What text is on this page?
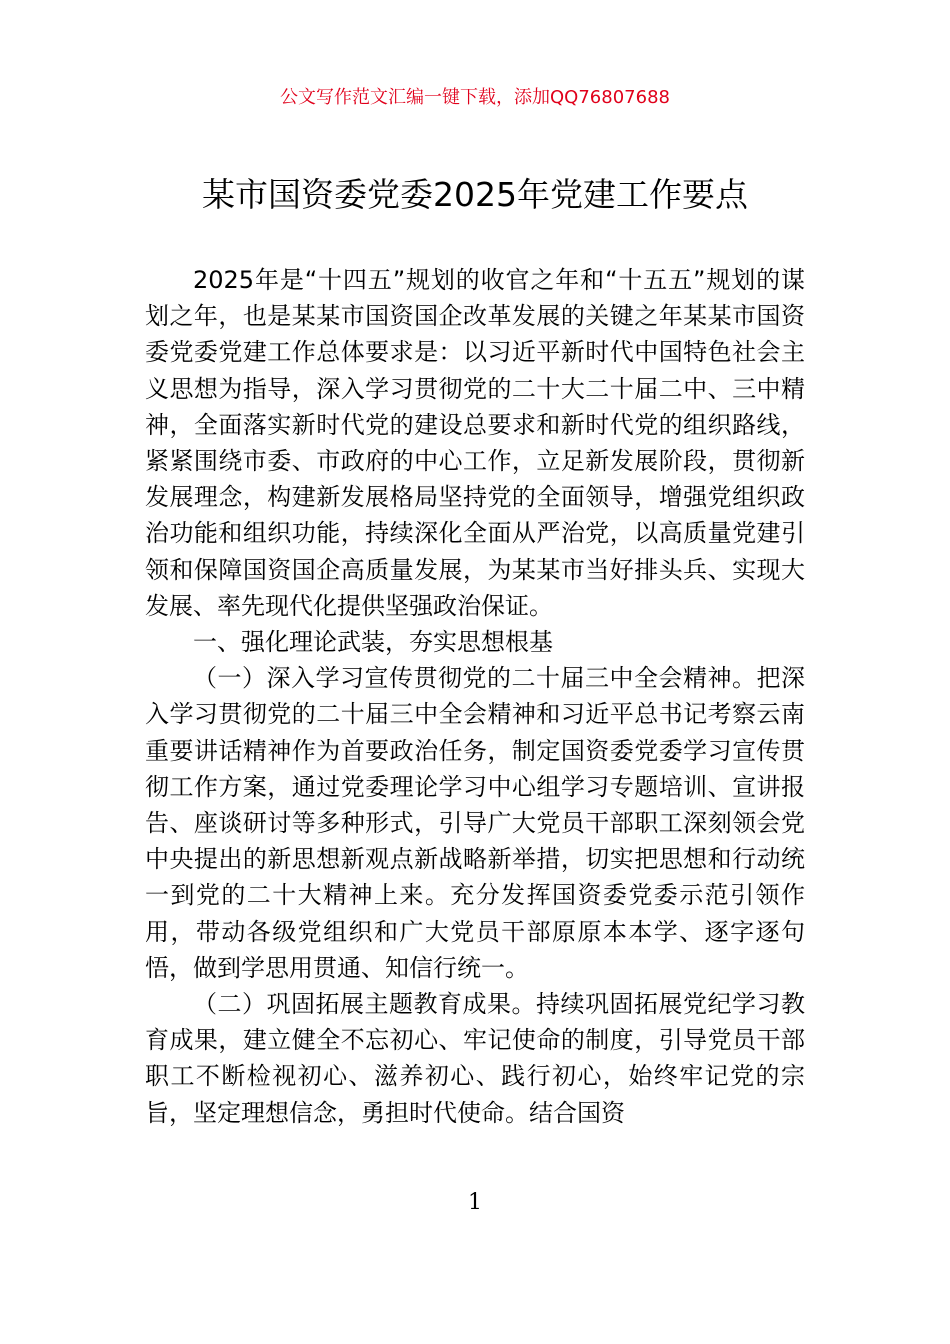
公文写作范文汇编一键下载，添加QQ76807688
某市国资委党委2025年党建工作要点

2025年是“十四五”规划的收官之年和“十五五”规划的谋划之年，也是某某市国资国企改革发展的关键之年某某市国资委党委党建工作总体要求是：以习近平新时代中国特色社会主义思想为指导，深入学习贯彻党的二十大二十届二中、三中精神，全面落实新时代党的建设总要求和新时代党的组织路线，紧紧围绕市委、市政府的中心工作，立足新发展阶段，贯彻新发展理念，构建新发展格局坚持党的全面领导，增强党组织政治功能和组织功能，持续深化全面从严治党，以高质量党建引领和保障国资国企高质量发展，为某某市当好排头兵、实现大发展、率先现代化提供坚强政治保证。

一、强化理论武装，夯实思想根基

（一）深入学习宣传贯彻党的二十届三中全会精神。把深入学习贯彻党的二十届三中全会精神和习近平总书记考察云南重要讲话精神作为首要政治任务，制定国资委党委学习宣传贯彻工作方案，通过党委理论学习中心组学习专题培训、宣讲报告、座谈研讨等多种形式，引导广大党员干部职工深刻领会党中央提出的新思想新观点新战略新举措，切实把思想和行动统一到党的二十大精神上来。充分发挥国资委党委示范引领作用，带动各级党组织和广大党员干部原原本本学、逐字逐句悟，做到学思用贯通、知信行统一。

（二）巩固拓展主题教育成果。持续巩固拓展党纪学习教育成果，建立健全不忘初心、牢记使命的制度，引导党员干部职工不断检视初心、滋养初心、践行初心，始终牢记党的宗旨，坚定理想信念，勇担时代使命。结合国资

1
